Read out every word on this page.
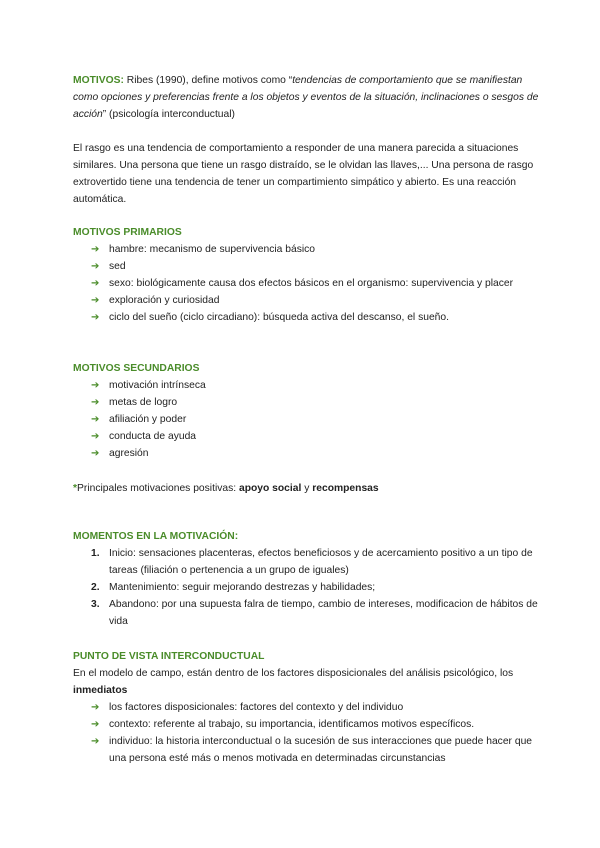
MOTIVOS: Ribes (1990), define motivos como “tendencias de comportamiento que se manifiestan como opciones y preferencias frente a los objetos y eventos de la situación, inclinaciones o sesgos de acción” (psicología interconductual)
El rasgo es una tendencia de comportamiento a responder de una manera parecida a situaciones similares. Una persona que tiene un rasgo distraído, se le olvidan las llaves,... Una persona de rasgo extrovertido tiene una tendencia de tener un compartimiento simpático y abierto. Es una reacción automática.
MOTIVOS PRIMARIOS
➔ hambre: mecanismo de supervivencia básico
➔ sed
➔ sexo: biológicamente causa dos efectos básicos en el organismo: supervivencia y placer
➔ exploración y curiosidad
➔ ciclo del sueño (ciclo circadiano): búsqueda activa del descanso, el sueño.
MOTIVOS SECUNDARIOS
➔ motivación intrínseca
➔ metas de logro
➔ afiliación y poder
➔ conducta de ayuda
➔ agresión
*Principales motivaciones positivas: apoyo social y recompensas
MOMENTOS EN LA MOTIVACIÓN:
1. Inicio: sensaciones placenteras, efectos beneficiosos y de acercamiento positivo a un tipo de tareas (filiación o pertenencia a un grupo de iguales)
2. Mantenimiento: seguir mejorando destrezas y habilidades;
3. Abandono: por una supuesta falra de tiempo, cambio de intereses, modificacion de hábitos de vida
PUNTO DE VISTA INTERCONDUCTUAL
En el modelo de campo, están dentro de los factores disposicionales del análisis psicológico, los inmediatos
➔ los factores disposicionales: factores del contexto y del individuo
➔ contexto: referente al trabajo, su importancia, identificamos motivos específicos.
➔ individuo: la historia interconductual o la sucesión de sus interacciones que puede hacer que una persona esté más o menos motivada en determinadas circunstancias
